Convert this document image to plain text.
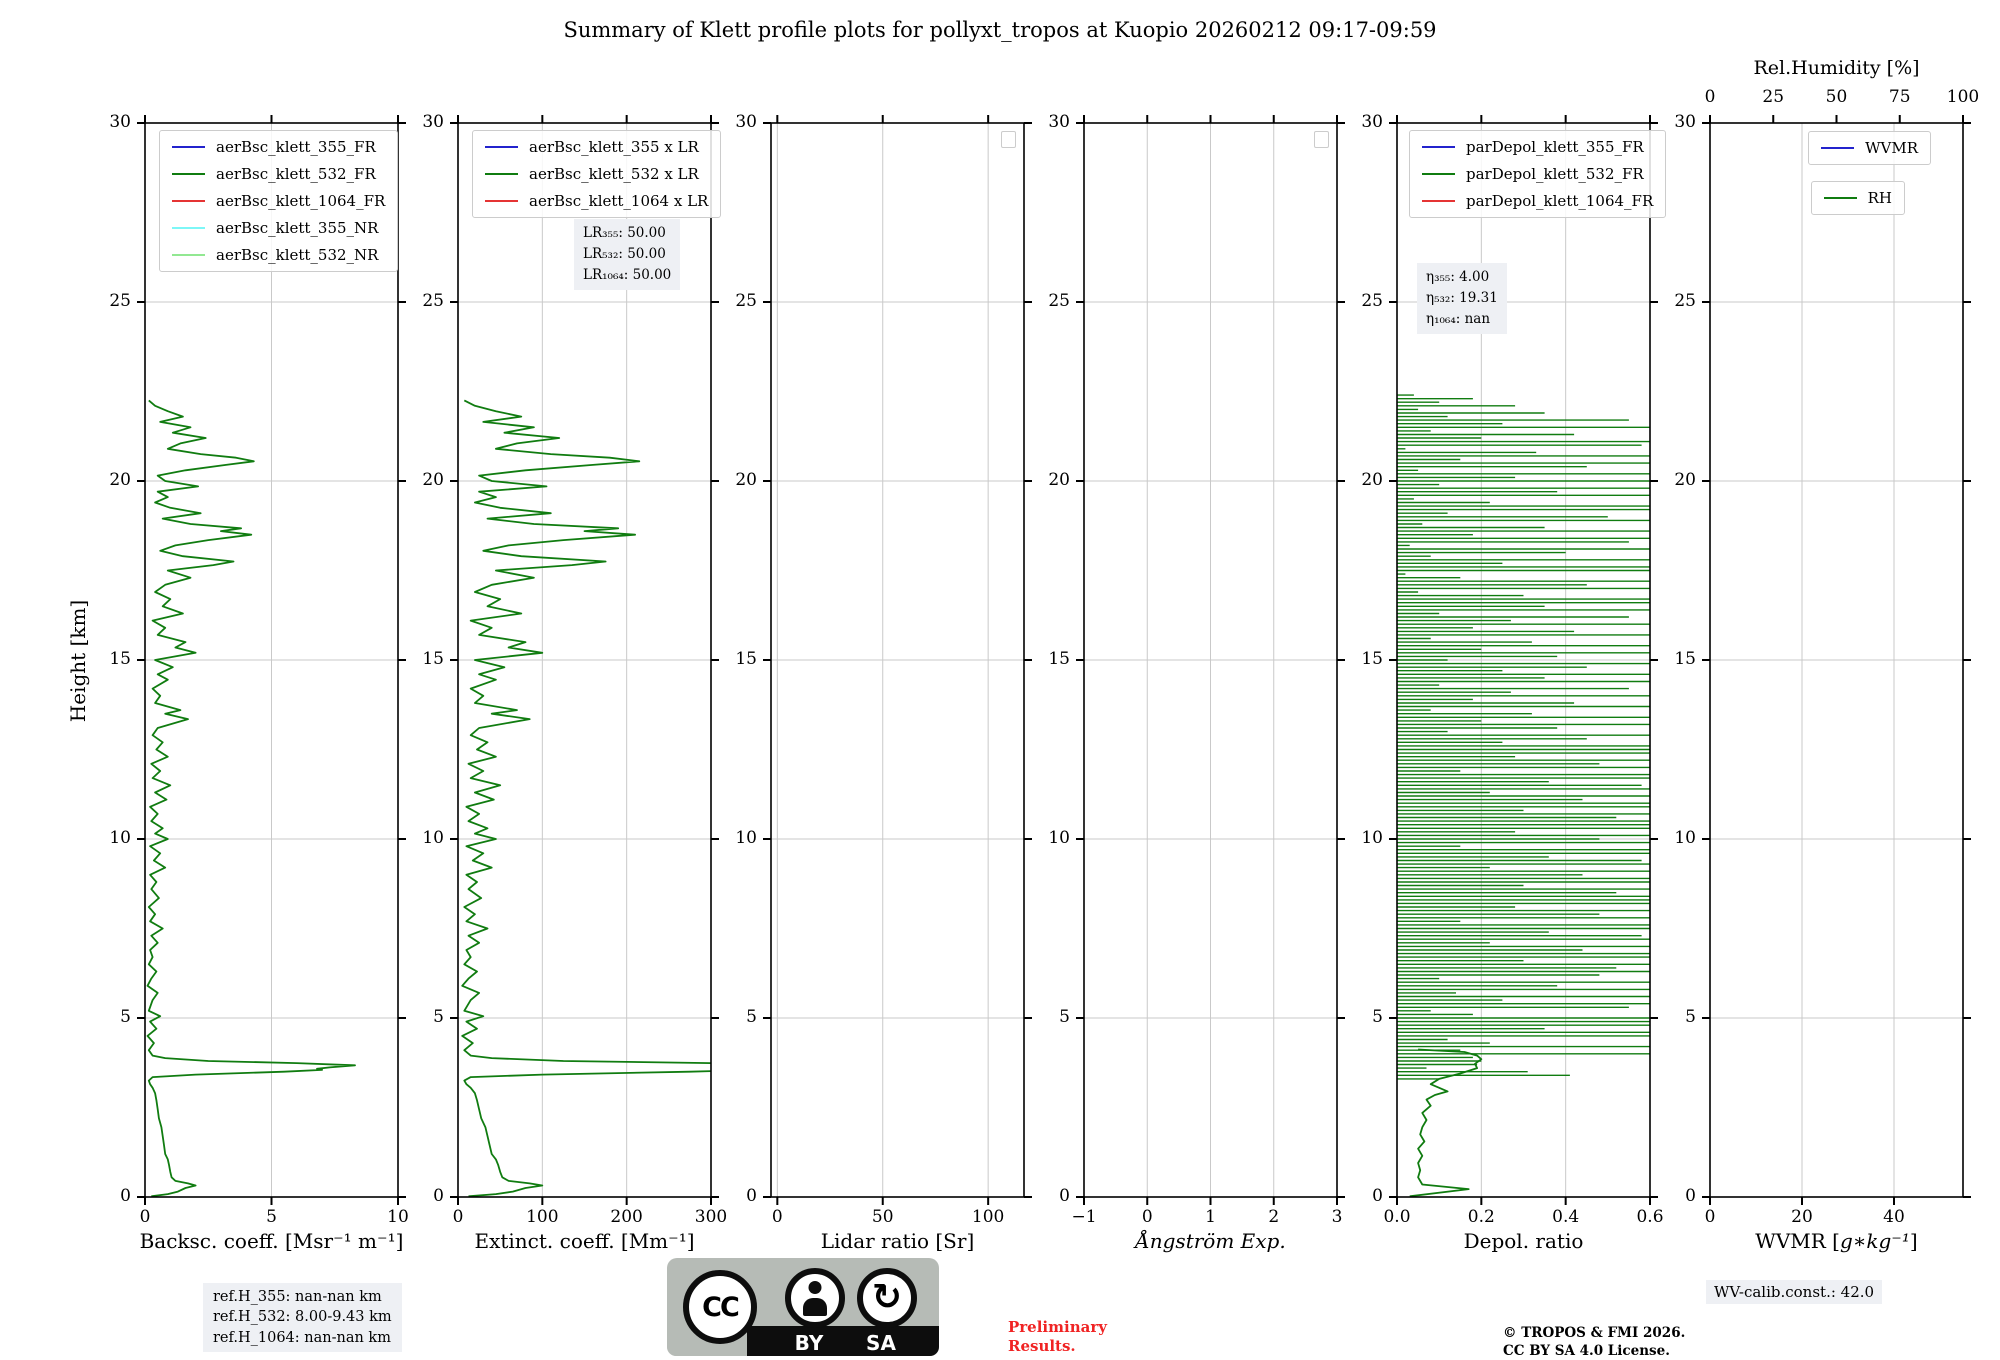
Summary of Klett profile plots for pollyxt_tropos at Kuopio 20260212 09:17-09:59
Height [km]
aerBsc_klett_355_FR
aerBsc_klett_532_FR
aerBsc_klett_1064_FR
aerBsc_klett_355_NR
aerBsc_klett_532_NR
Backsc. coeff. [Msr⁻¹ m⁻¹]
0
5
10
15
20
25
30
0	5	10
aerBsc_klett_355 x LR
aerBsc_klett_532 x LR
aerBsc_klett_1064 x LR
LR₃₅₅: 50.00
LR₅₃₂: 50.00
LR₁₀₆₄: 50.00
Extinct. coeff. [Mm⁻¹]
0
5
10
15
20
25
30
0	100	200	300
Lidar ratio [Sr]
0
5
10
15
20
25
30
0	50	100
Ångström Exp.
0
5
10
15
20
25
30
−1	0	1	2	3
parDepol_klett_355_FR
parDepol_klett_532_FR
parDepol_klett_1064_FR
η₃₅₅: 4.00
η₅₃₂: 19.31
η₁₀₆₄: nan
Depol. ratio
0
5
10
15
20
25
30
0.0	0.2	0.4	0.6
Rel.Humidity [%]
WVMR
RH
WVMR [g∗kg⁻¹]
0	25	50	75	100
0
5
10
15
20
25
30
0	20	40
ref.H_355: nan-nan km
ref.H_532: 8.00-9.43 km
ref.H_1064: nan-nan km	BY	SA
CC	↻
Preliminary
Results.
© TROPOS & FMI 2026.
CC BY SA 4.0 License.
WV-calib.const.: 42.0
